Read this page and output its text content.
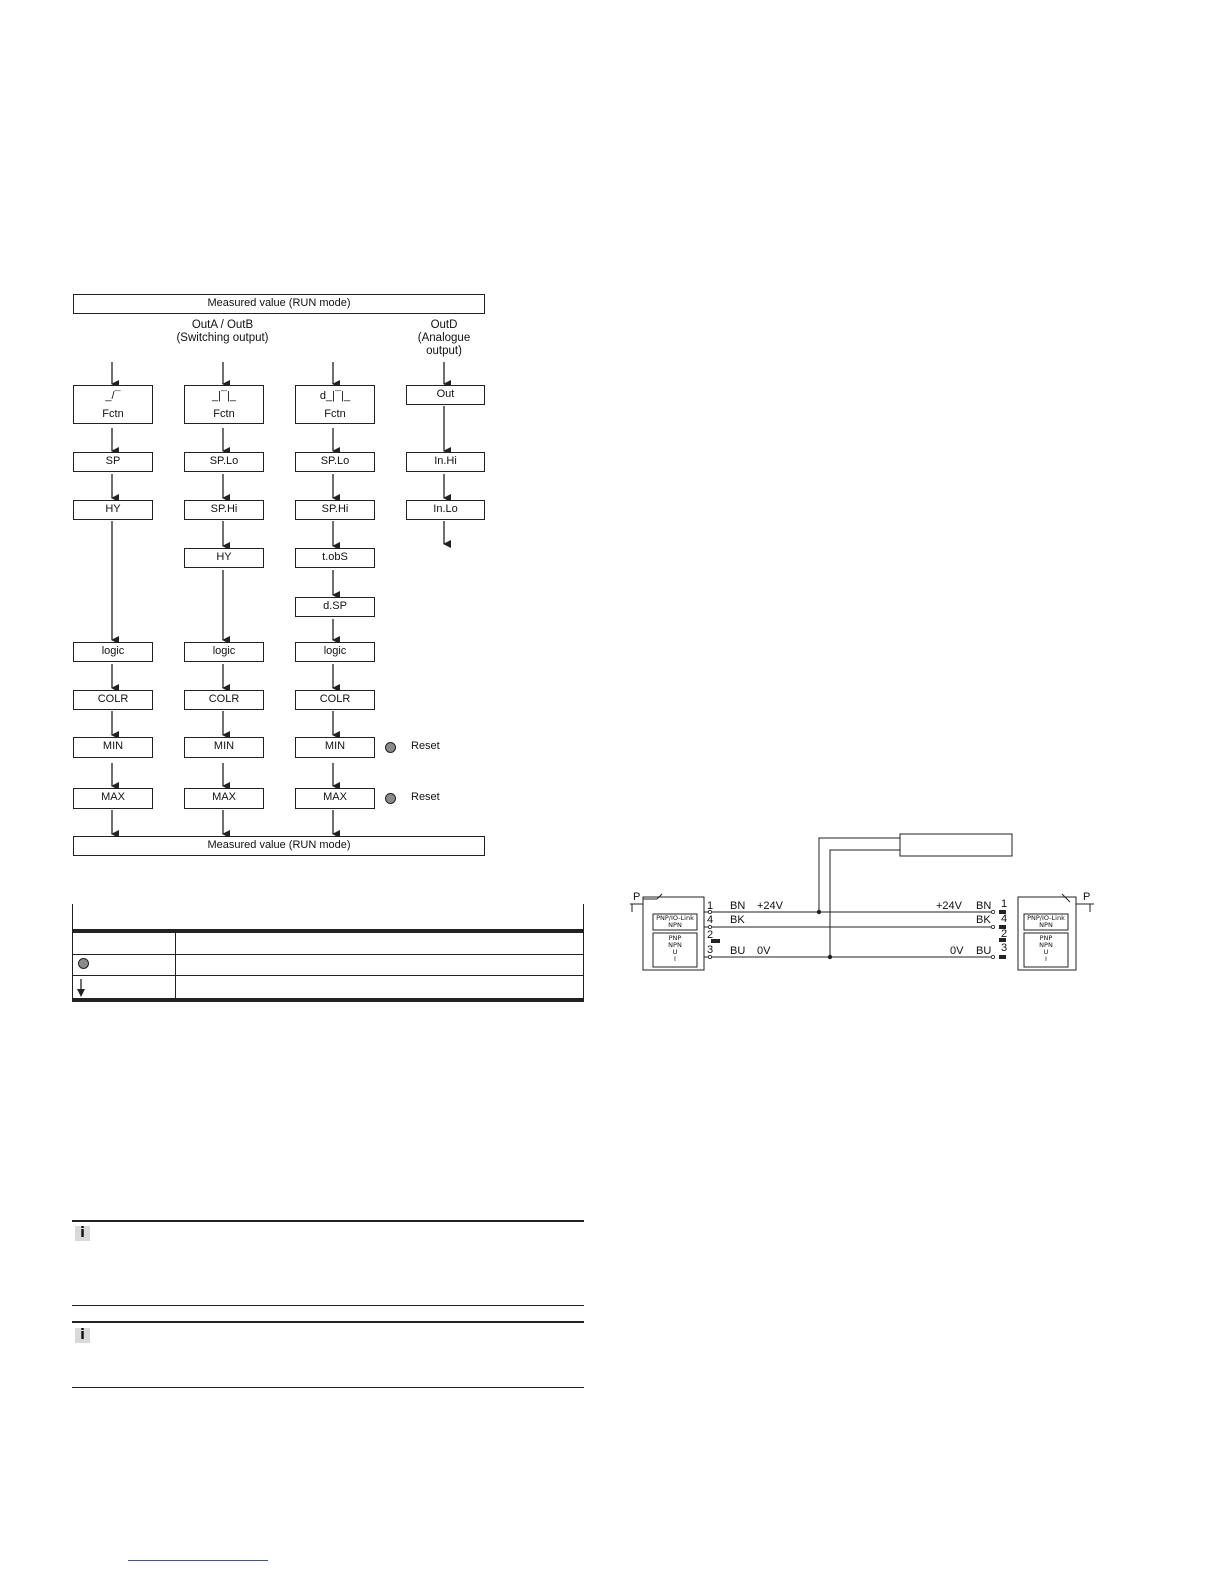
Measured value (RUN mode)
OutA / OutB
(Switching output)
OutD
(Analogue
output)
_/¯
Fctn
SP
HY
logic
COLR
MIN
MAX
_|¯|_
Fctn
SP.Lo
SP.Hi
HY
logic
COLR
MIN
MAX
d_|¯|_
Fctn
SP.Lo
SP.Hi
t.obS
d.SP
logic
COLR
MIN
MAX
Out
In.Hi
In.Lo
Reset
Reset
Measured value (RUN mode)
i
i
P
1
4
2
3
BN
BK
BU
+24V
0V
PNP/IO-Link
NPN
PNP
NPN
U
I
P
1
4
2
3
BN
BK
BU
+24V
0V
PNP/IO-Link
NPN
PNP
NPN
U
I
